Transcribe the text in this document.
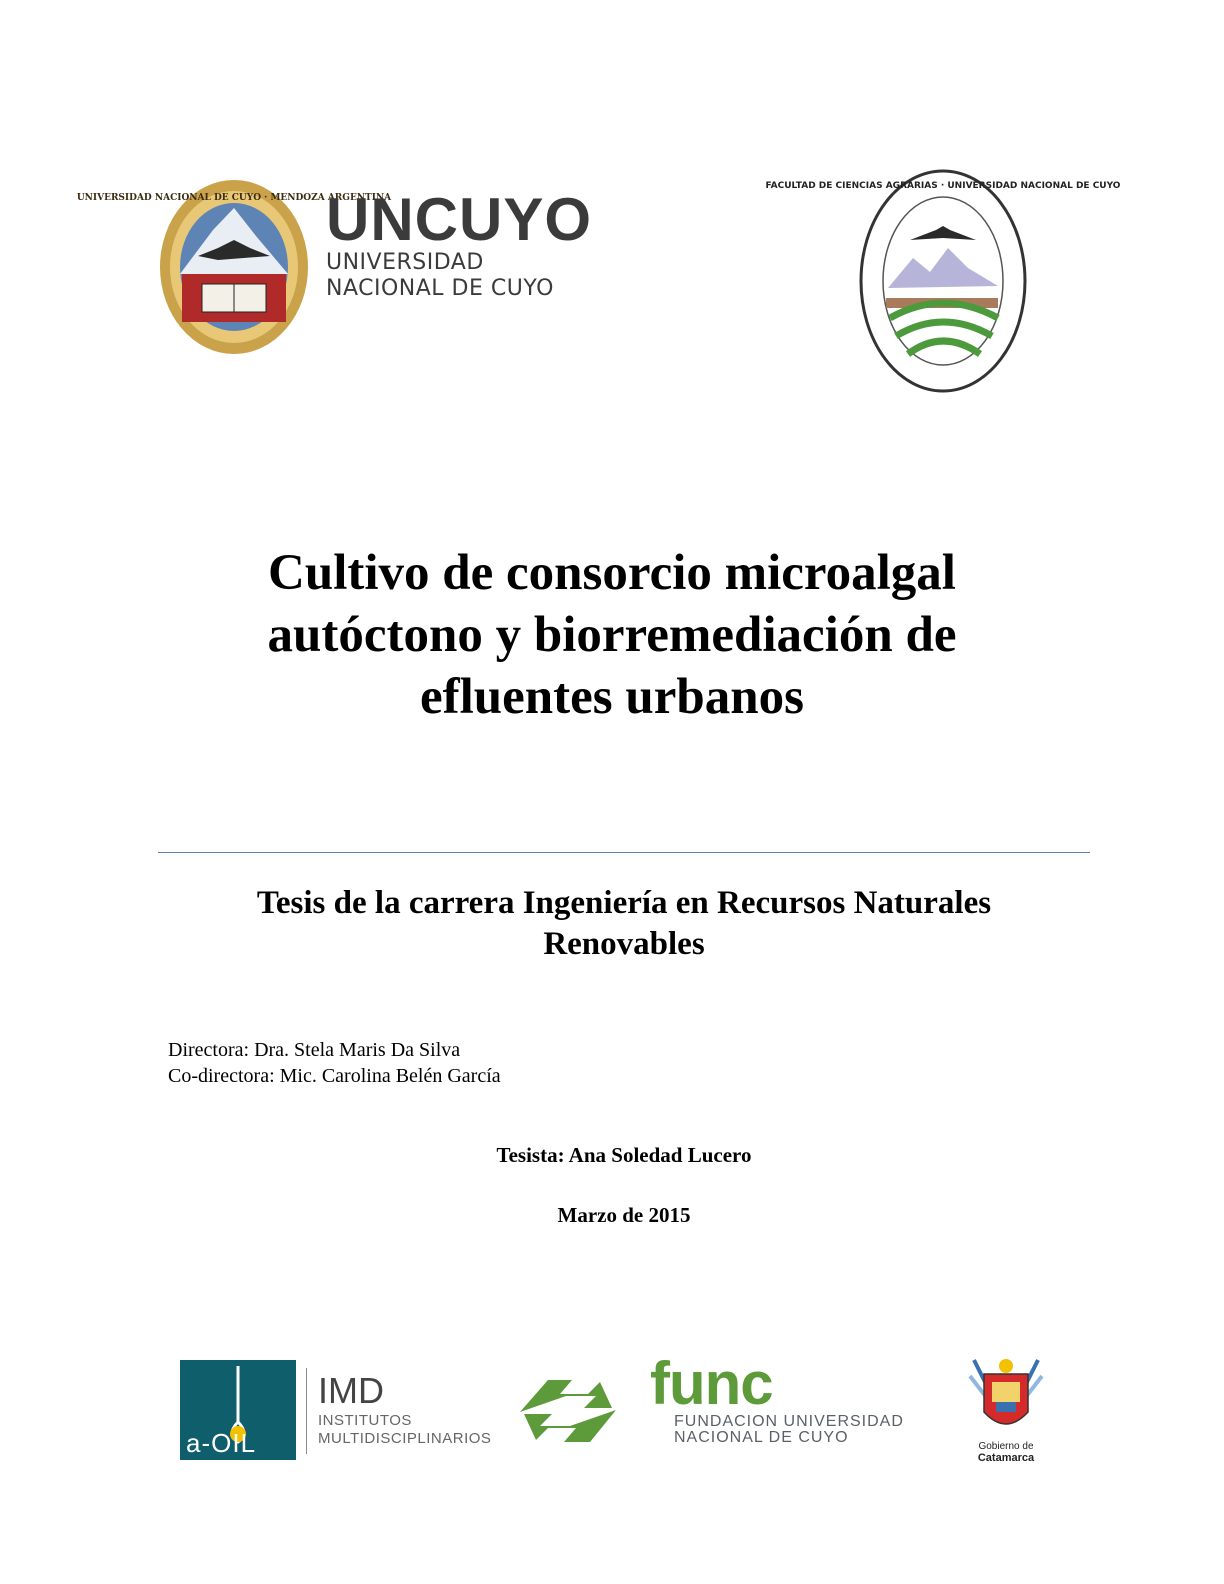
UNIVERSIDAD NACIONAL DE CUYO · MENDOZA ARGENTINA
UNCUYO
UNIVERSIDAD
NACIONAL DE CUYO
FACULTAD DE CIENCIAS AGRARIAS · UNIVERSIDAD NACIONAL DE CUYO
Cultivo de consorcio microalgal
autóctono y biorremediación de
efluentes urbanos
Tesis de la carrera Ingeniería en Recursos Naturales
Renovables
Directora: Dra. Stela Maris Da Silva
Co-directora: Mic. Carolina Belén García
Tesista: Ana Soledad Lucero
Marzo de 2015
a-OIL
IMD
INSTITUTOS
MULTIDISCIPLINARIOS
func
FUNDACION UNIVERSIDAD
NACIONAL DE CUYO
Gobierno de Catamarca
